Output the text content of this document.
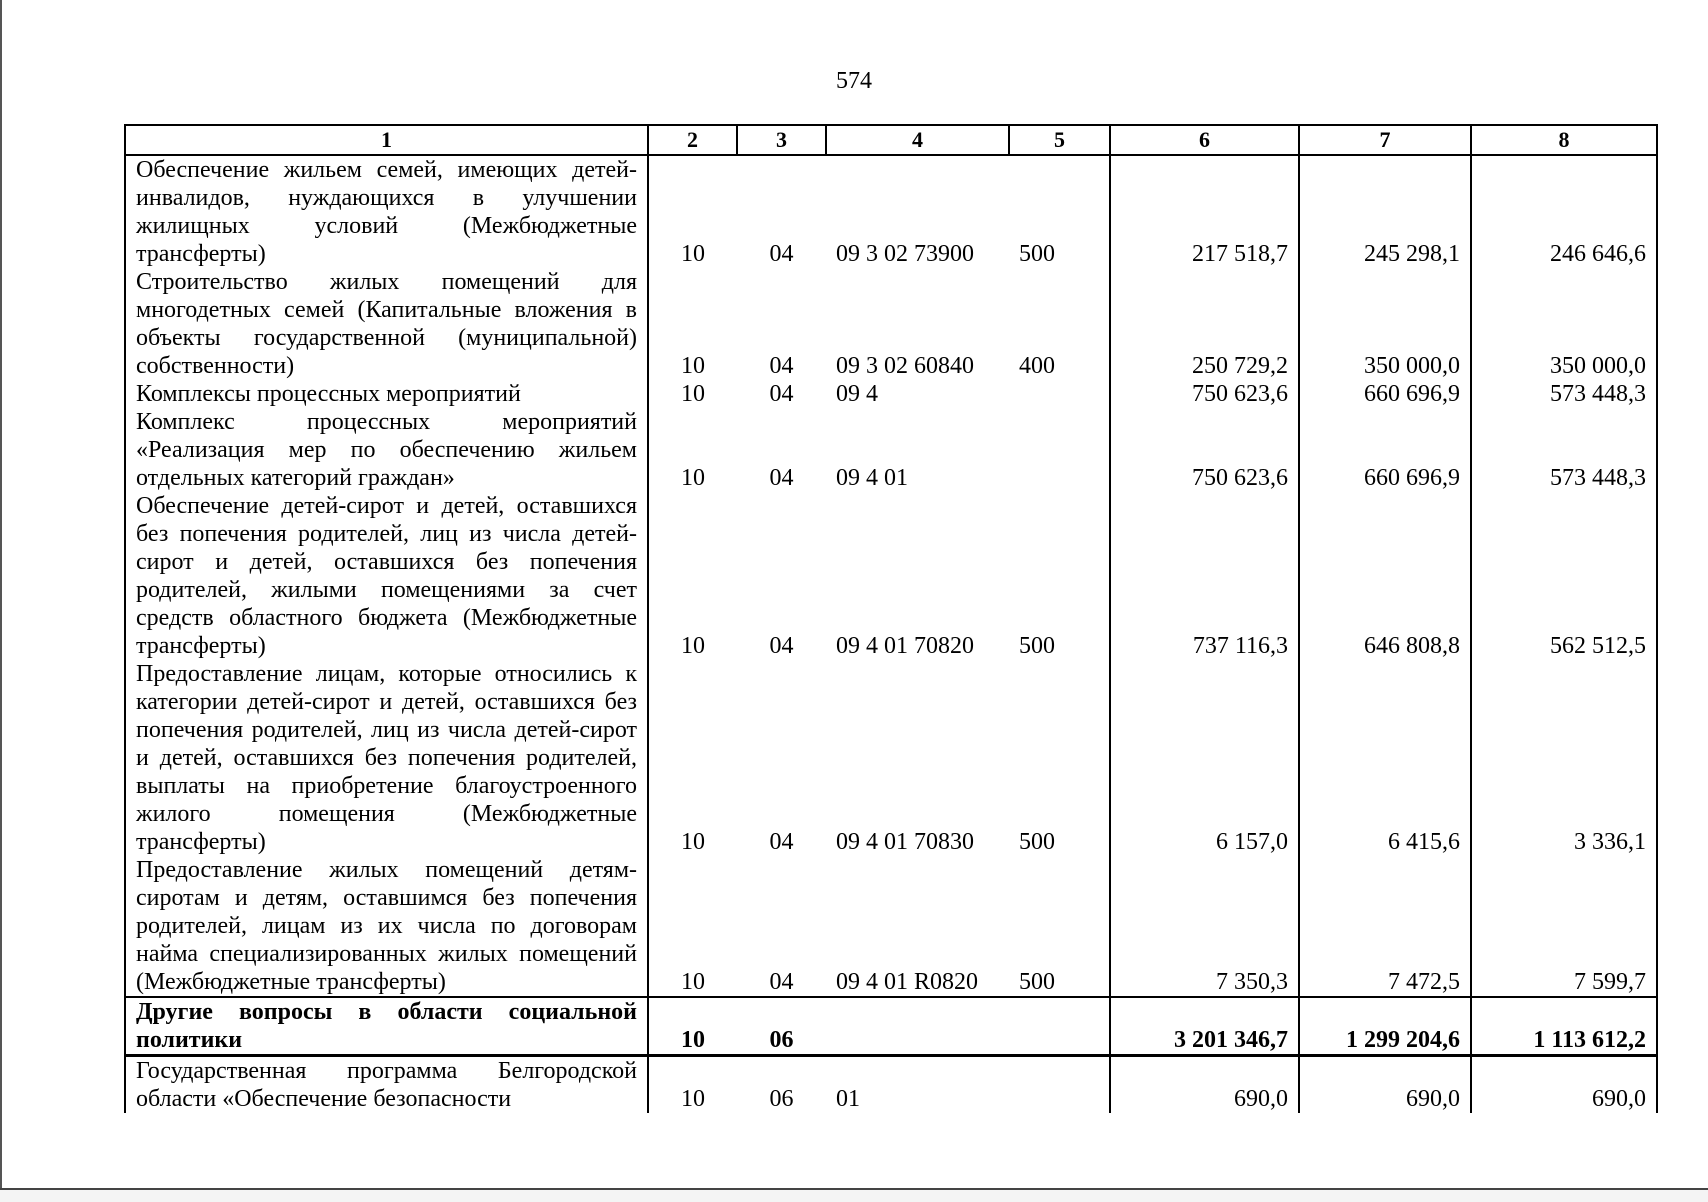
574
1	2	3	4	5	6	7	8
Обеспечение жильем семей, имеющих детей-инвалидов, нуждающихся в улучшении жилищных условий (Межбюджетные трансферты)	10	04	09 3 02 73900	500	217 518,7	245 298,1	246 646,6
Строительство жилых помещений для многодетных семей (Капитальные вложения в объекты государственной (муниципальной) собственности)	10	04	09 3 02 60840	400	250 729,2	350 000,0	350 000,0
Комплексы процессных мероприятий	10	04	09 4		750 623,6	660 696,9	573 448,3
Комплекс процессных мероприятий «Реализация мер по обеспечению жильем отдельных категорий граждан»	10	04	09 4 01		750 623,6	660 696,9	573 448,3
Обеспечение детей-сирот и детей, оставшихся без попечения родителей, лиц из числа детей-сирот и детей, оставшихся без попечения родителей, жилыми помещениями за счет средств областного бюджета (Межбюджетные трансферты)	10	04	09 4 01 70820	500	737 116,3	646 808,8	562 512,5
Предоставление лицам, которые относились к категории детей-сирот и детей, оставшихся без попечения родителей, лиц из числа детей-сирот и детей, оставшихся без попечения родителей, выплаты на приобретение благоустроенного жилого помещения (Межбюджетные трансферты)	10	04	09 4 01 70830	500	6 157,0	6 415,6	3 336,1
Предоставление жилых помещений детям-сиротам и детям, оставшимся без попечения родителей, лицам из их числа по договорам найма специализированных жилых помещений (Межбюджетные трансферты)	10	04	09 4 01 R0820	500	7 350,3	7 472,5	7 599,7
Другие вопросы в области социальной политики	10	06			3 201 346,7	1 299 204,6	1 113 612,2
Государственная программа Белгородской области «Обеспечение безопасности	10	06	01		690,0	690,0	690,0
